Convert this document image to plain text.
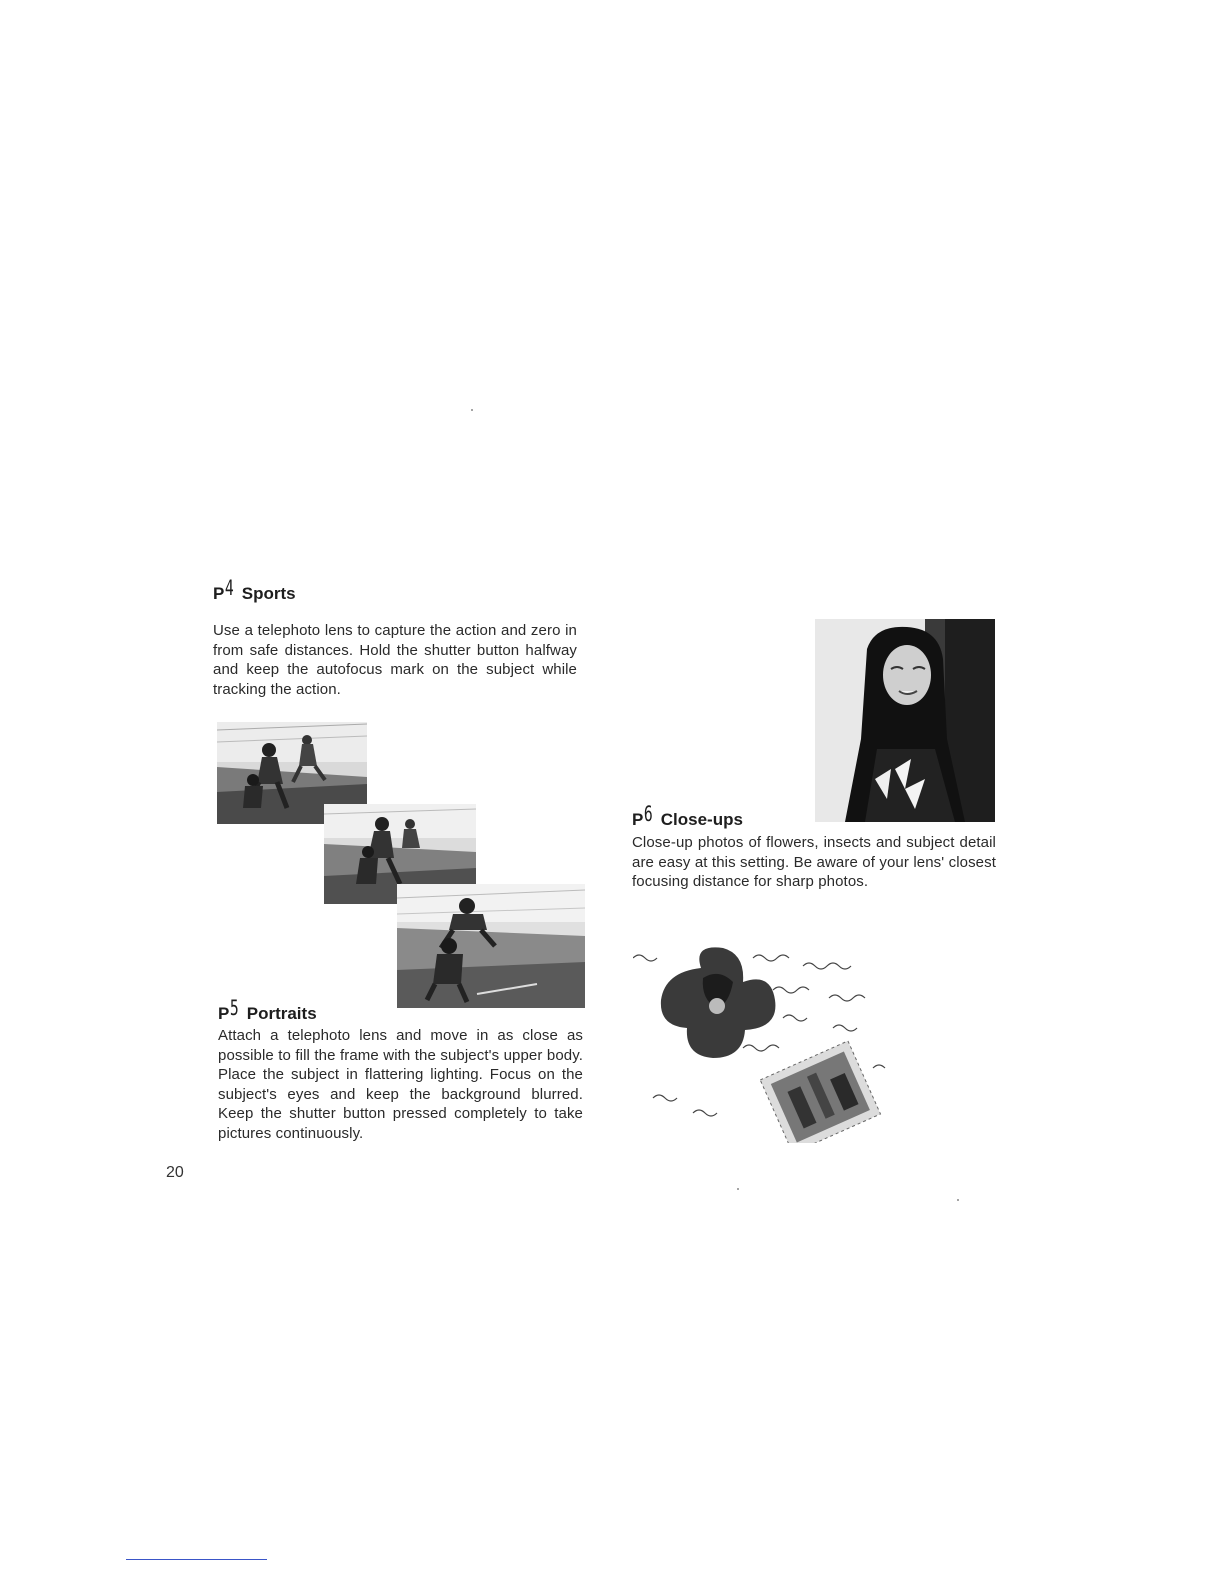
P4 Sports
Use a telephoto lens to capture the action and zero in from safe distances. Hold the shutter button halfway and keep the autofocus mark on the subject while tracking the action.
P5 Portraits
Attach a telephoto lens and move in as close as possible to fill the frame with the subject's upper body. Place the subject in flattering lighting. Focus on the subject's eyes and keep the background blurred. Keep the shutter button pressed completely to take pictures continuously.
P6 Close-ups
Close-up photos of flowers, insects and subject detail are easy at this setting. Be aware of your lens' closest focusing distance for sharp photos.
20
